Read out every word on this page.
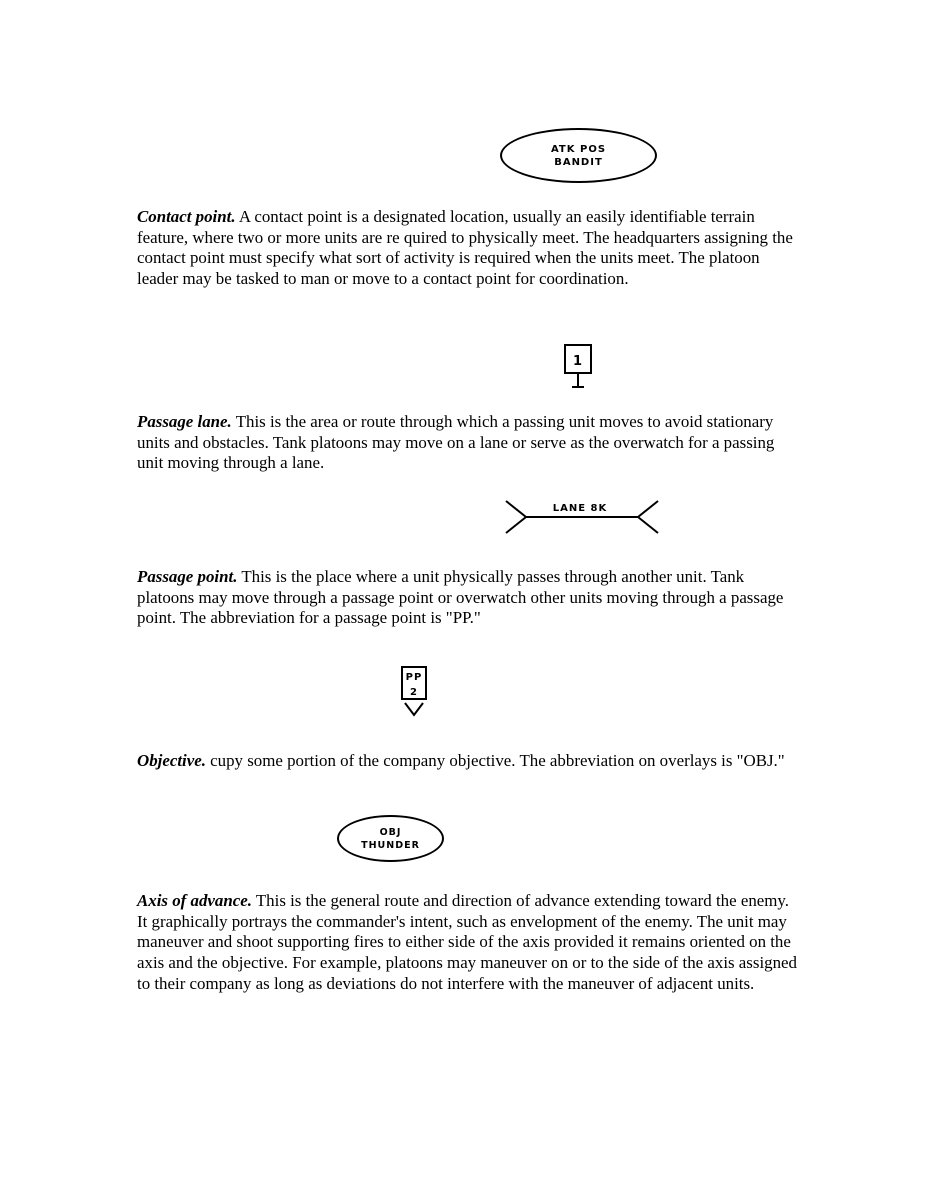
ATK POS
BANDIT

Contact point. A contact point is a designated location, usually an easily identifiable terrain feature, where two or more units are re quired to physically meet. The headquarters assigning the contact point must specify what sort of activity is required when the units meet. The platoon leader may be tasked to man or move to a contact point for coordination.

1

Passage lane. This is the area or route through which a passing unit moves to avoid stationary units and obstacles. Tank platoons may move on a lane or serve as the overwatch for a passing unit moving through a lane.

LANE 8K

Passage point. This is the place where a unit physically passes through another unit. Tank platoons may move through a passage point or overwatch other units moving through a passage point. The abbreviation for a passage point is "PP."

PP
2

Objective. cupy some portion of the company objective. The abbreviation on overlays is "OBJ."

OBJ
THUNDER

Axis of advance. This is the general route and direction of advance extending toward the enemy. It graphically portrays the commander's intent, such as envelopment of the enemy. The unit may maneuver and shoot supporting fires to either side of the axis provided it remains oriented on the axis and the objective. For example, platoons may maneuver on or to the side of the axis assigned to their company as long as deviations do not interfere with the maneuver of adjacent units.
